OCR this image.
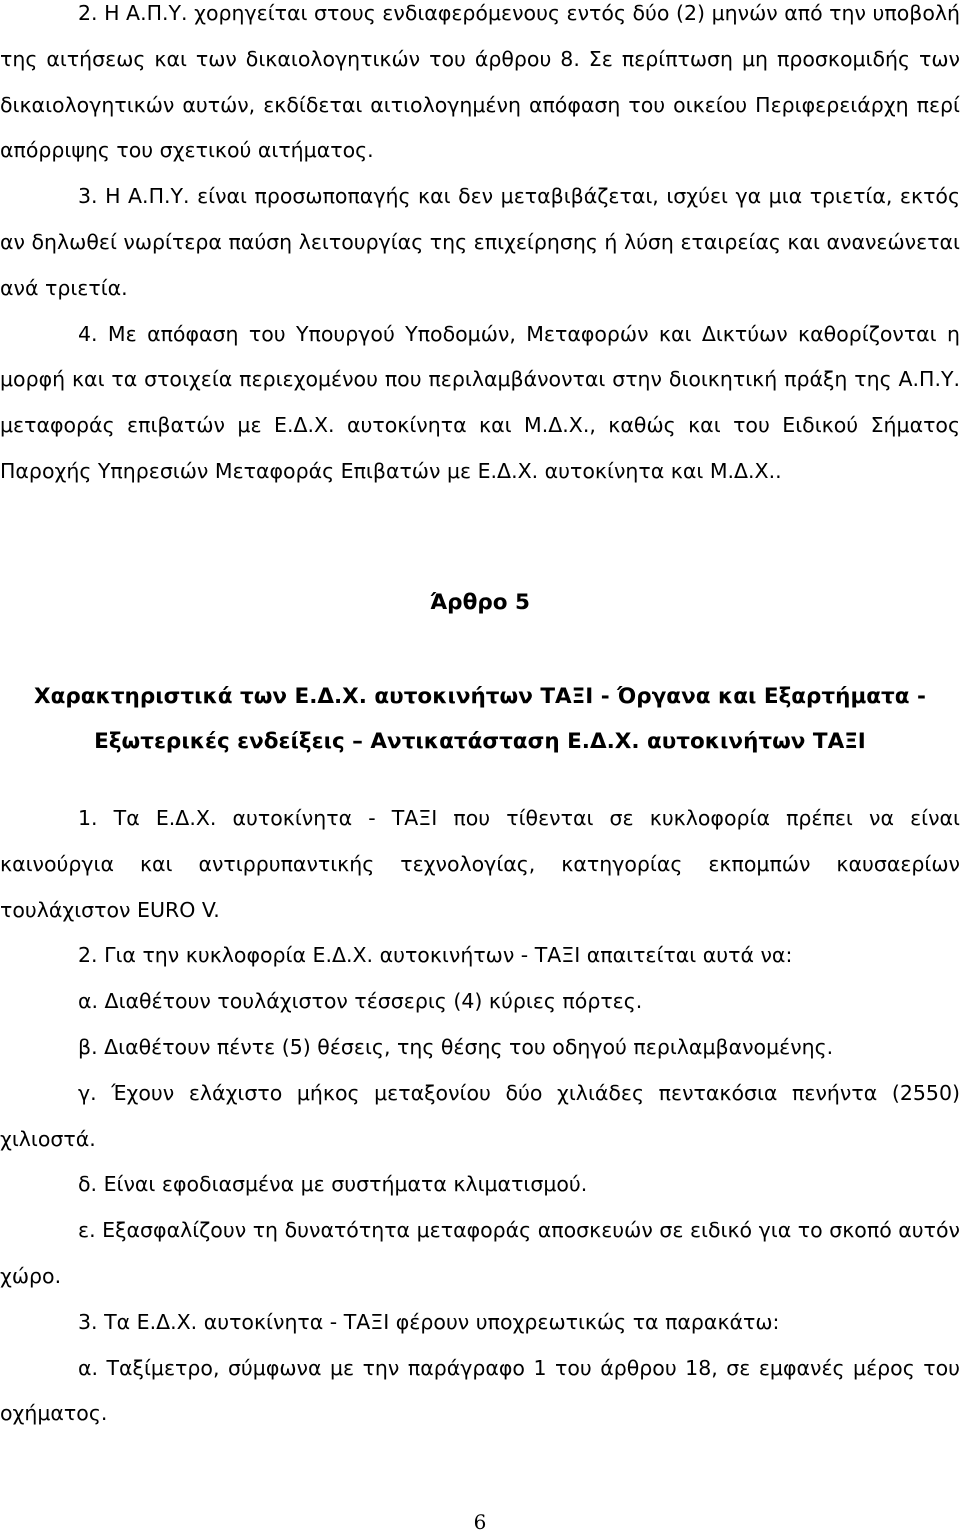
2. Η Α.Π.Υ. χορηγείται στους ενδιαφερόμενους εντός δύο (2) μηνών από την υποβολή της αιτήσεως και των δικαιολογητικών του άρθρου 8. Σε περίπτωση μη προσκομιδής των δικαιολογητικών αυτών, εκδίδεται αιτιολογημένη απόφαση του οικείου Περιφερειάρχη περί απόρριψης του σχετικού αιτήματος.

3. Η Α.Π.Υ. είναι προσωποπαγής και δεν μεταβιβάζεται, ισχύει γα μια τριετία, εκτός αν δηλωθεί νωρίτερα παύση λειτουργίας της επιχείρησης ή λύση εταιρείας και ανανεώνεται ανά τριετία.

4. Με απόφαση του Υπουργού Υποδομών, Μεταφορών και Δικτύων καθορίζονται η μορφή και τα στοιχεία περιεχομένου που περιλαμβάνονται στην διοικητική πράξη της Α.Π.Υ. μεταφοράς επιβατών με Ε.Δ.Χ. αυτοκίνητα και Μ.Δ.Χ., καθώς και του Ειδικού Σήματος Παροχής Υπηρεσιών Μεταφοράς Επιβατών με Ε.Δ.Χ. αυτοκίνητα και Μ.Δ.Χ..

Άρθρο 5

Χαρακτηριστικά των Ε.Δ.Χ. αυτοκινήτων ΤΑΞΙ - Όργανα και Εξαρτήματα -
Εξωτερικές ενδείξεις – Αντικατάσταση Ε.Δ.Χ. αυτοκινήτων ΤΑΞΙ

1. Τα Ε.Δ.Χ. αυτοκίνητα - ΤΑΞΙ που τίθενται σε κυκλοφορία πρέπει να είναι καινούργια και αντιρρυπαντικής τεχνολογίας, κατηγορίας εκπομπών καυσαερίων τουλάχιστον EURO V.

2. Για την κυκλοφορία Ε.Δ.Χ. αυτοκινήτων - ΤΑΞΙ απαιτείται αυτά να:

α. Διαθέτουν τουλάχιστον τέσσερις (4) κύριες πόρτες.

β. Διαθέτουν πέντε (5) θέσεις, της θέσης του οδηγού περιλαμβανομένης.

γ. Έχουν ελάχιστο μήκος μεταξονίου δύο χιλιάδες πεντακόσια πενήντα (2550) χιλιοστά.

δ. Είναι εφοδιασμένα με συστήματα κλιματισμού.

ε. Εξασφαλίζουν τη δυνατότητα μεταφοράς αποσκευών σε ειδικό για το σκοπό αυτόν χώρο.

3. Τα Ε.Δ.Χ. αυτοκίνητα - ΤΑΞΙ φέρουν υποχρεωτικώς τα παρακάτω:

α. Ταξίμετρο, σύμφωνα με την παράγραφο 1 του άρθρου 18, σε εμφανές μέρος του οχήματος.

6
